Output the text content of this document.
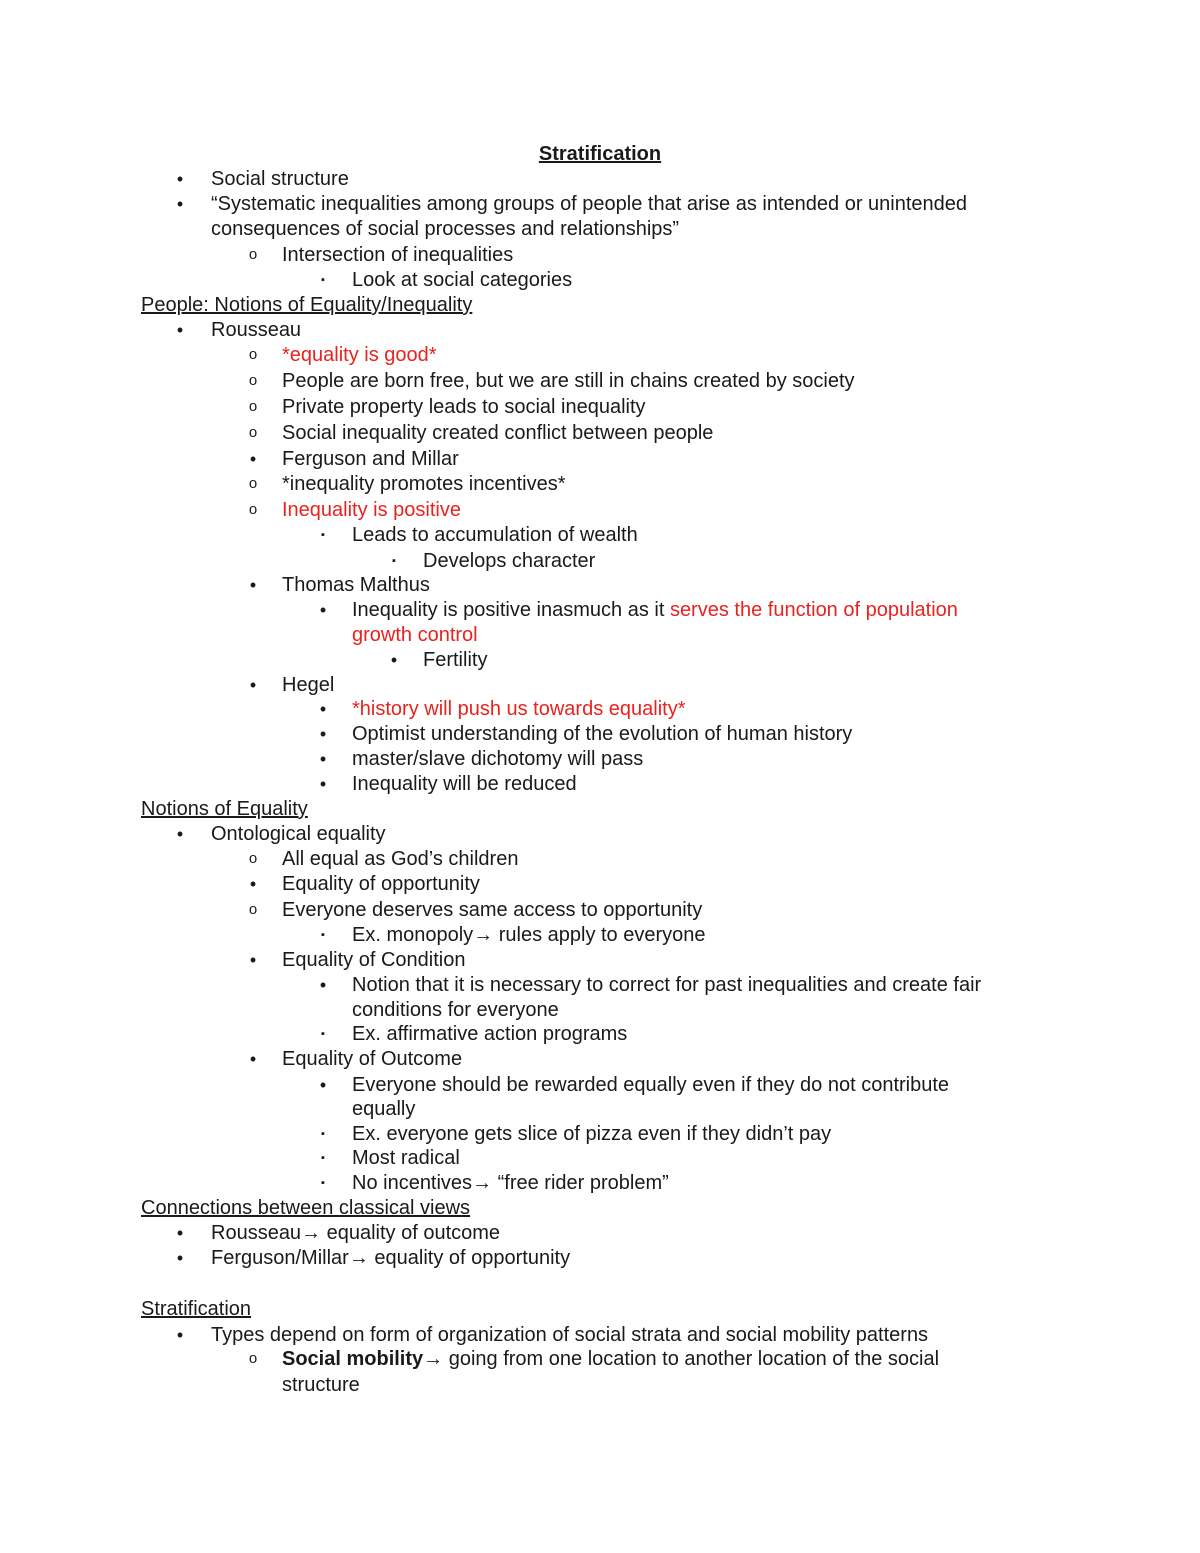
Stratification
•	Social structure
•	“Systematic inequalities among groups of people that arise as intended or unintended
consequences of social processes and relationships”
o Intersection of inequalities
▪	Look at social categories
People: Notions of Equality/Inequality
•	Rousseau
o *equality is good*
o People are born free, but we are still in chains created by society
o Private property leads to social inequality
o Social inequality created conflict between people
•	Ferguson and Millar
o *inequality promotes incentives*
o Inequality is positive
▪	Leads to accumulation of wealth
▪	Develops character
•	Thomas Malthus
•	Inequality is positive inasmuch as it serves the function of population
growth control
•	Fertility
•	Hegel
•	*history will push us towards equality*
•	Optimist understanding of the evolution of human history
•	master/slave dichotomy will pass
•	Inequality will be reduced
Notions of Equality
•	Ontological equality
o All equal as God’s children
•	Equality of opportunity
o Everyone deserves same access to opportunity
▪	Ex. monopoly→ rules apply to everyone
•	Equality of Condition
•	Notion that it is necessary to correct for past inequalities and create fair
conditions for everyone
▪	Ex. affirmative action programs
•	Equality of Outcome
•	Everyone should be rewarded equally even if they do not contribute
equally
▪	Ex. everyone gets slice of pizza even if they didn’t pay
▪	Most radical
▪	No incentives→ “free rider problem”
Connections between classical views
•	Rousseau→ equality of outcome
•	Ferguson/Millar→ equality of opportunity
Stratification
•	Types depend on form of organization of social strata and social mobility patterns
o Social mobility→ going from one location to another location of the social
structure
